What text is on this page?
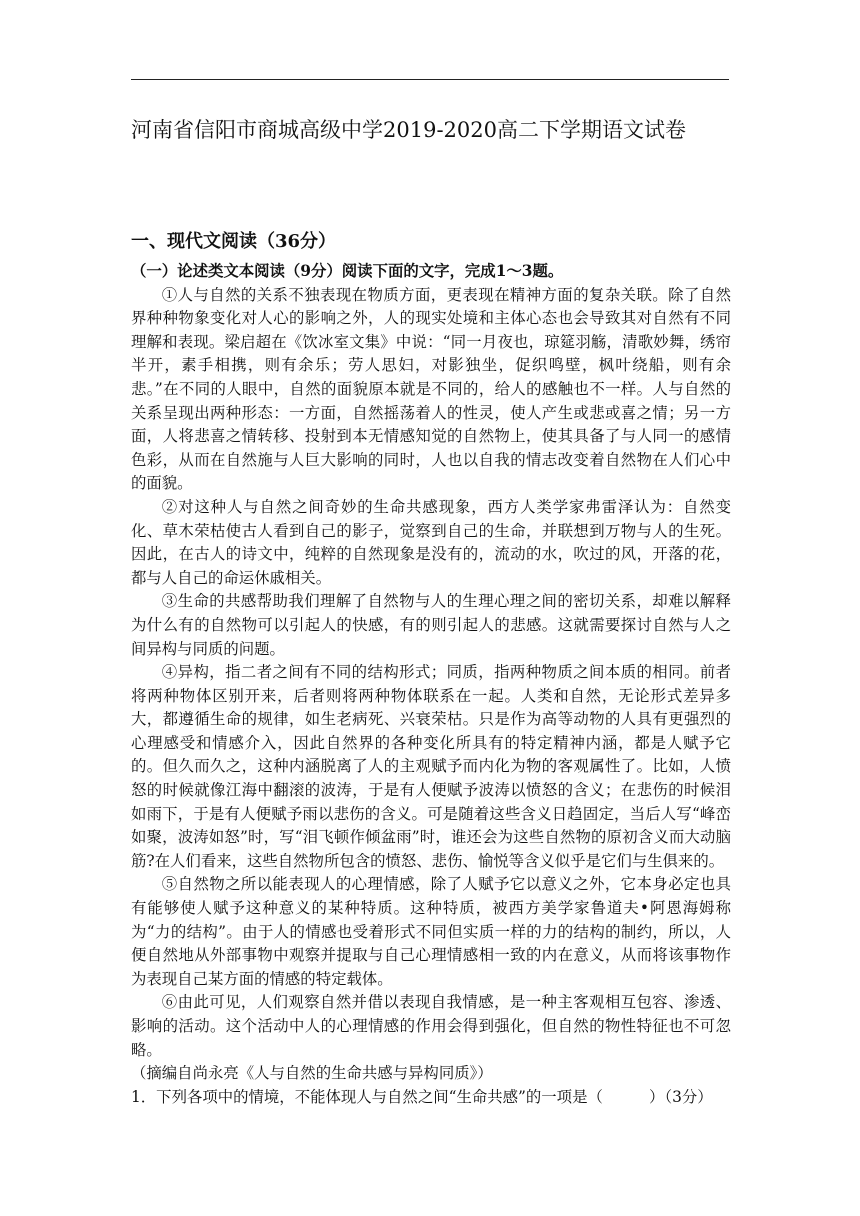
河南省信阳市商城高级中学2019-2020高二下学期语文试卷
一、现代文阅读（36分）

（一）论述类文本阅读（9分）阅读下面的文字，完成1～3题。

①人与自然的关系不独表现在物质方面，更表现在精神方面的复杂关联。除了自然界种种物象变化对人心的影响之外，人的现实处境和主体心态也会导致其对自然有不同理解和表现。梁启超在《饮冰室文集》中说：“同一月夜也，琼筵羽觞，清歌妙舞，绣帘半开，素手相携，则有余乐；劳人思妇，对影独坐，促织鸣壁，枫叶绕船，则有余悲。”在不同的人眼中，自然的面貌原本就是不同的，给人的感触也不一样。人与自然的关系呈现出两种形态：一方面，自然摇荡着人的性灵，使人产生或悲或喜之情；另一方面，人将悲喜之情转移、投射到本无情感知觉的自然物上，使其具备了与人同一的感情色彩，从而在自然施与人巨大影响的同时，人也以自我的情志改变着自然物在人们心中的面貌。

②对这种人与自然之间奇妙的生命共感现象，西方人类学家弗雷泽认为：自然变化、草木荣枯使古人看到自己的影子，觉察到自己的生命，并联想到万物与人的生死。因此，在古人的诗文中，纯粹的自然现象是没有的，流动的水，吹过的风，开落的花，都与人自己的命运休戚相关。

③生命的共感帮助我们理解了自然物与人的生理心理之间的密切关系，却难以解释为什么有的自然物可以引起人的快感，有的则引起人的悲感。这就需要探讨自然与人之间异构与同质的问题。

④异构，指二者之间有不同的结构形式；同质，指两种物质之间本质的相同。前者将两种物体区别开来，后者则将两种物体联系在一起。人类和自然，无论形式差异多大，都遵循生命的规律，如生老病死、兴衰荣枯。只是作为高等动物的人具有更强烈的心理感受和情感介入，因此自然界的各种变化所具有的特定精神内涵，都是人赋予它的。但久而久之，这种内涵脱离了人的主观赋予而内化为物的客观属性了。比如，人愤怒的时候就像江海中翻滚的波涛，于是有人便赋予波涛以愤怒的含义；在悲伤的时候泪如雨下，于是有人便赋予雨以悲伤的含义。可是随着这些含义日趋固定，当后人写“峰峦如聚，波涛如怒”时，写“泪飞顿作倾盆雨”时，谁还会为这些自然物的原初含义而大动脑筋?在人们看来，这些自然物所包含的愤怒、悲伤、愉悦等含义似乎是它们与生俱来的。

⑤自然物之所以能表现人的心理情感，除了人赋予它以意义之外，它本身必定也具有能够使人赋予这种意义的某种特质。这种特质，被西方美学家鲁道夫•阿恩海姆称为“力的结构”。由于人的情感也受着形式不同但实质一样的力的结构的制约，所以，人便自然地从外部事物中观察并提取与自己心理情感相一致的内在意义，从而将该事物作为表现自己某方面的情感的特定载体。

⑥由此可见，人们观察自然并借以表现自我情感，是一种主客观相互包容、渗透、影响的活动。这个活动中人的心理情感的作用会得到强化，但自然的物性特征也不可忽略。

（摘编自尚永亮《人与自然的生命共感与异构同质》）

1．下列各项中的情境，不能体现人与自然之间“生命共感”的一项是（　　　）（3分）
